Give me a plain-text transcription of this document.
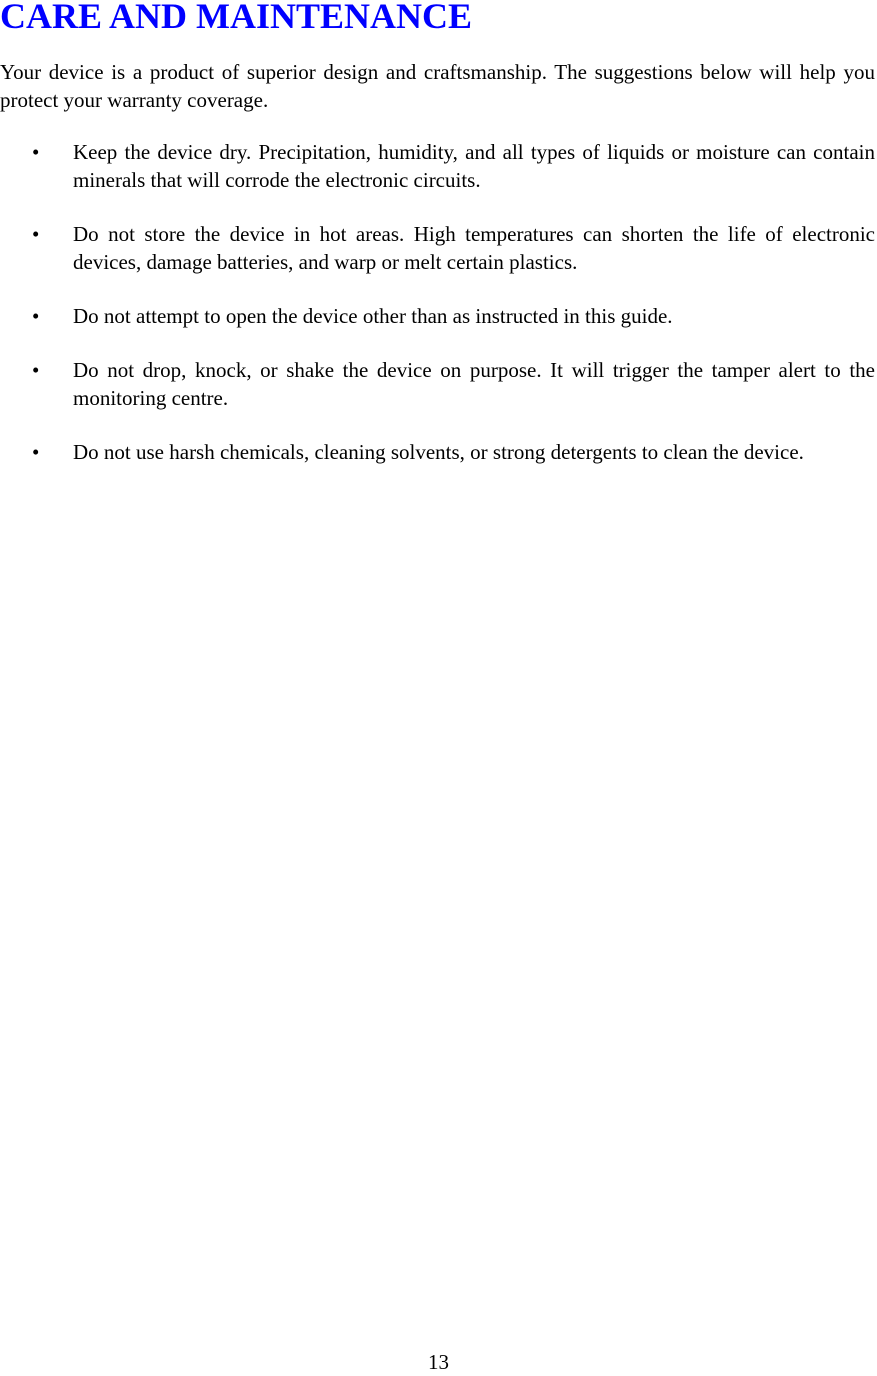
CARE AND MAINTENANCE

Your device is a product of superior design and craftsmanship. The suggestions below will help you protect your warranty coverage.

• Keep the device dry. Precipitation, humidity, and all types of liquids or moisture can contain minerals that will corrode the electronic circuits.
• Do not store the device in hot areas. High temperatures can shorten the life of electronic devices, damage batteries, and warp or melt certain plastics.
• Do not attempt to open the device other than as instructed in this guide.
• Do not drop, knock, or shake the device on purpose. It will trigger the tamper alert to the monitoring centre.
• Do not use harsh chemicals, cleaning solvents, or strong detergents to clean the device.
13
